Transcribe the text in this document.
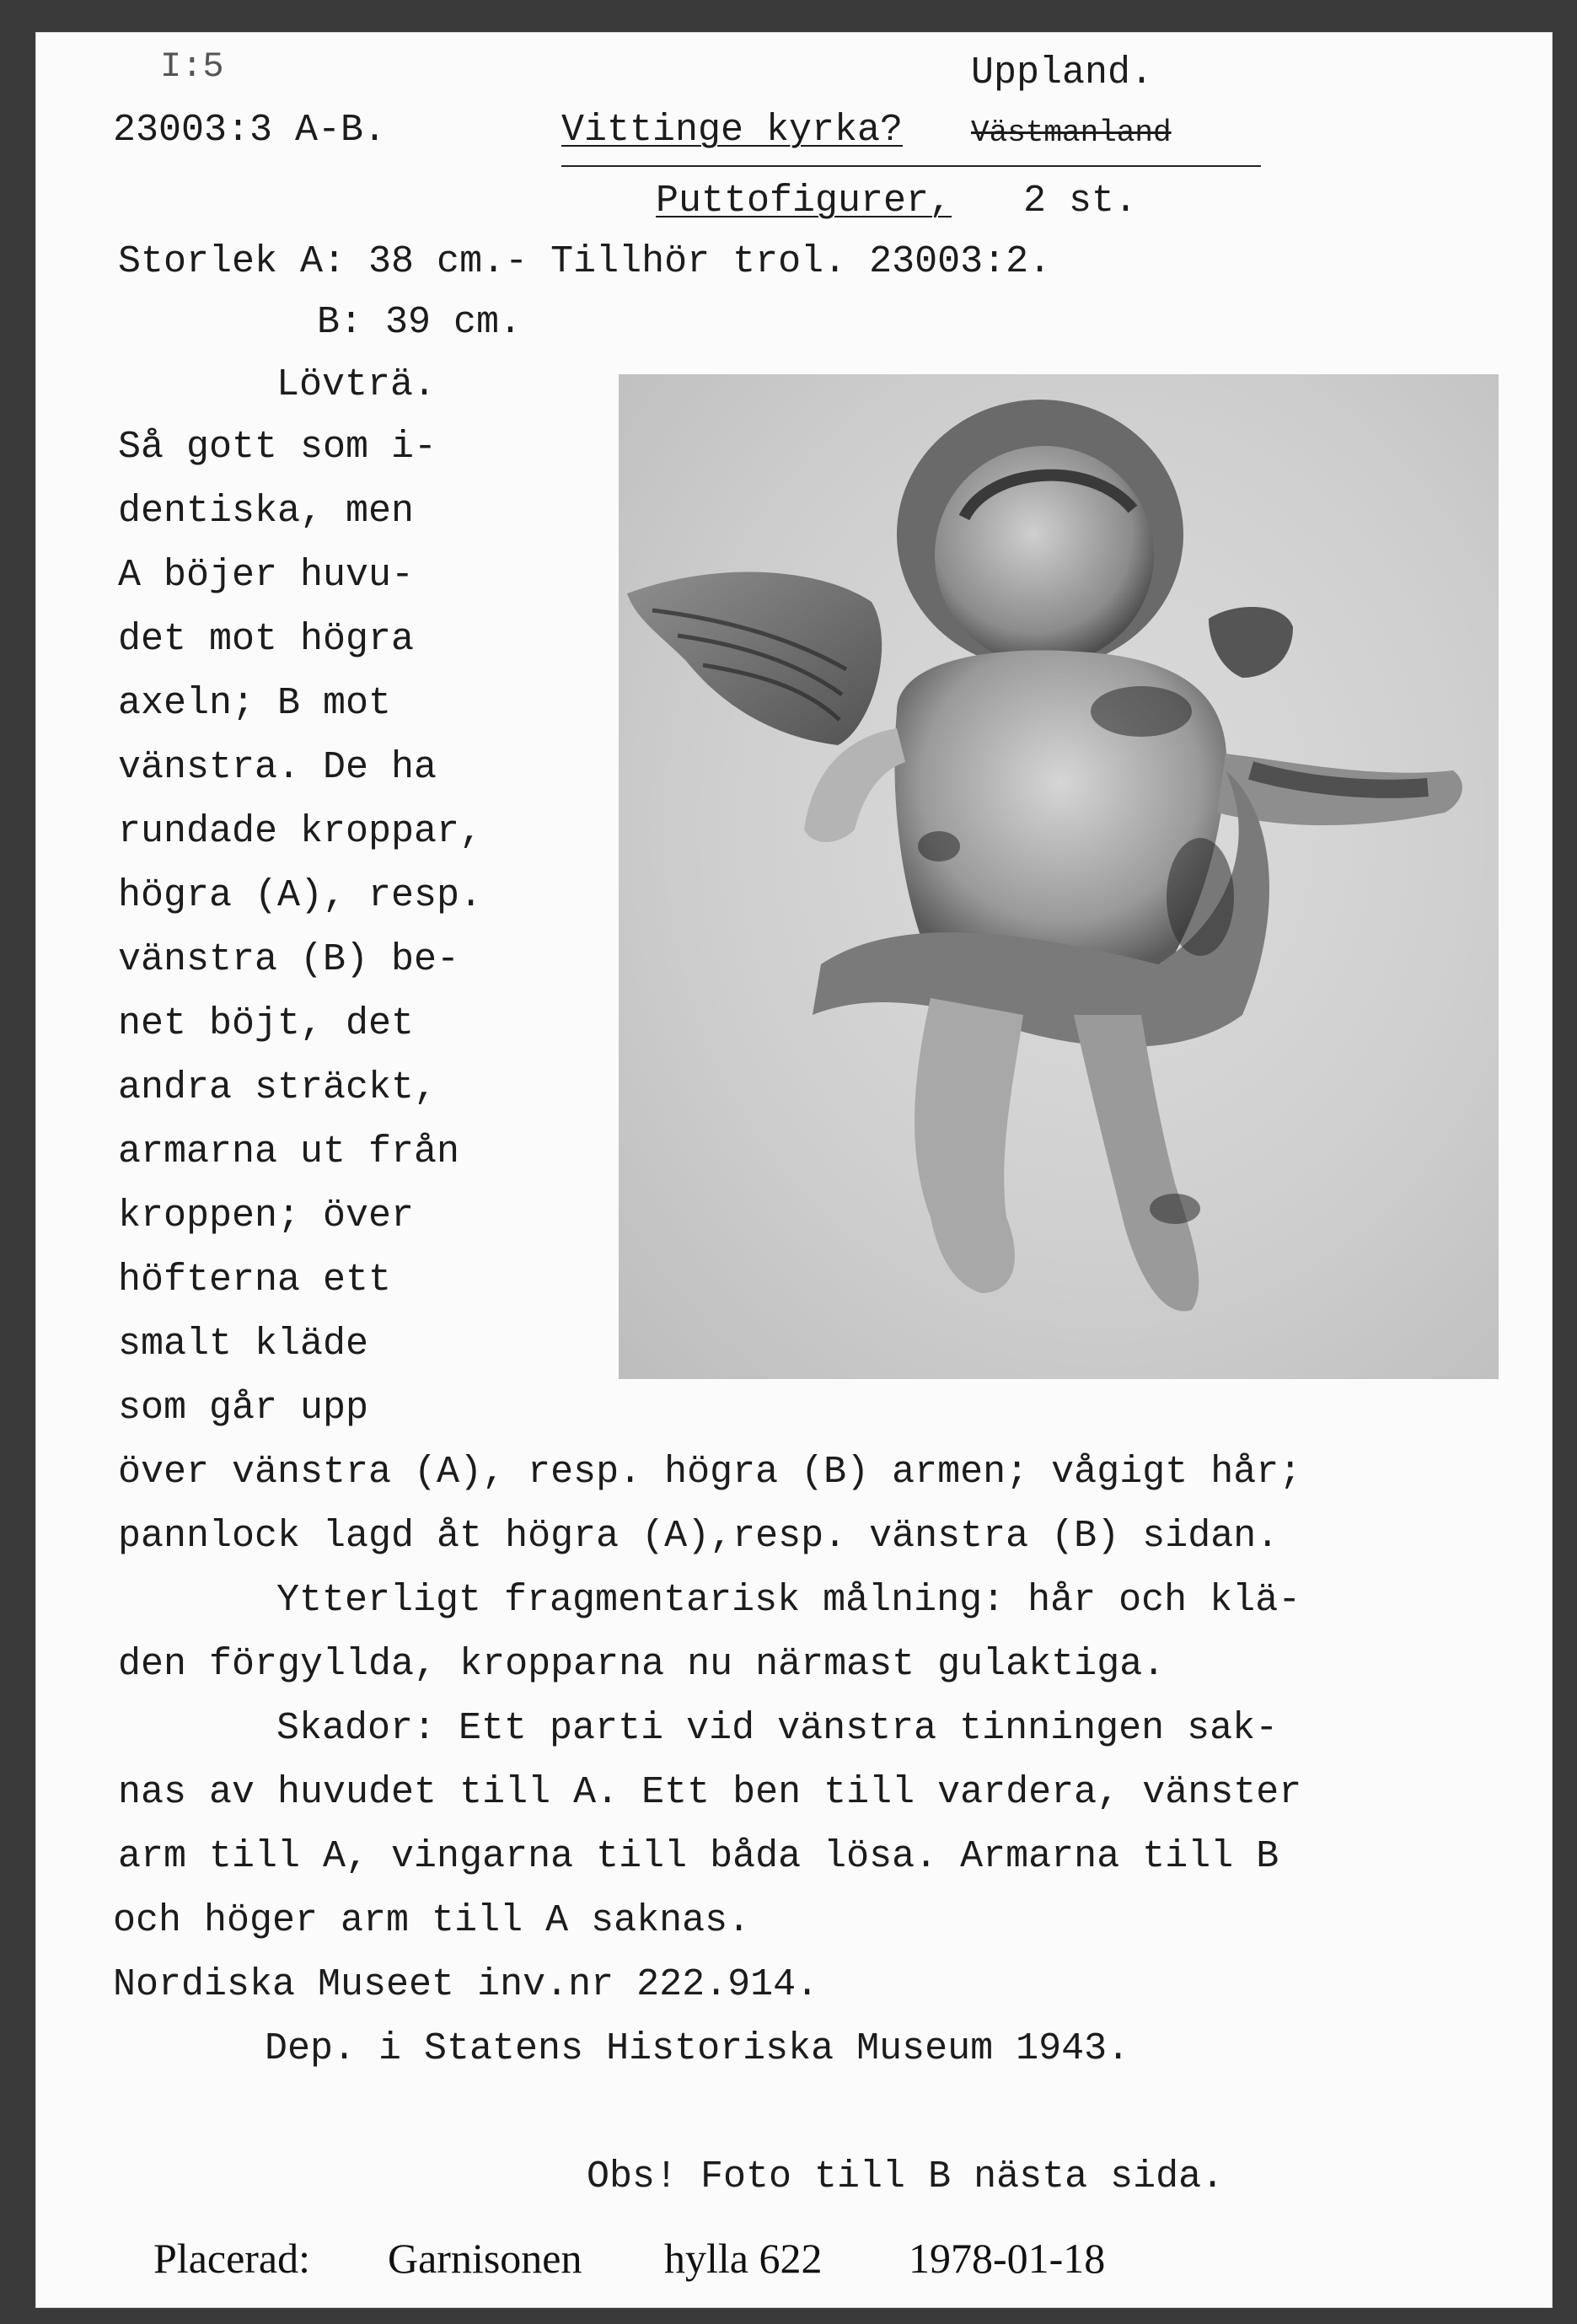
I:5	Uppland.
23003:3 A-B.	Vittinge kyrka? Västmanland
Puttofigurer, 2 st.
Storlek A: 38 cm.- Tillhör trol. 23003:2.
B: 39 cm.
Lövträ.
Så gott som i-
dentiska, men
A böjer huvu-
det mot högra
axeln; B mot
vänstra. De ha
rundade kroppar,
högra (A), resp.
vänstra (B) be-
net böjt, det
andra sträckt,
armarna ut från
kroppen; över
höfterna ett
smalt kläde
som går upp
över vänstra (A), resp. högra (B) armen; vågigt hår;
pannlock lagd åt högra (A),resp. vänstra (B) sidan.
Ytterligt fragmentarisk målning: hår och klä-
den förgyllda, kropparna nu närmast gulaktiga.
Skador: Ett parti vid vänstra tinningen sak-
nas av huvudet till A. Ett ben till vardera, vänster
arm till A, vingarna till båda lösa. Armarna till B
och höger arm till A saknas.
Nordiska Museet inv.nr 222.914.
Dep. i Statens Historiska Museum 1943.
Obs! Foto till B nästa sida.
Placerad: Garnisonen hylla 622 1978-01-18
